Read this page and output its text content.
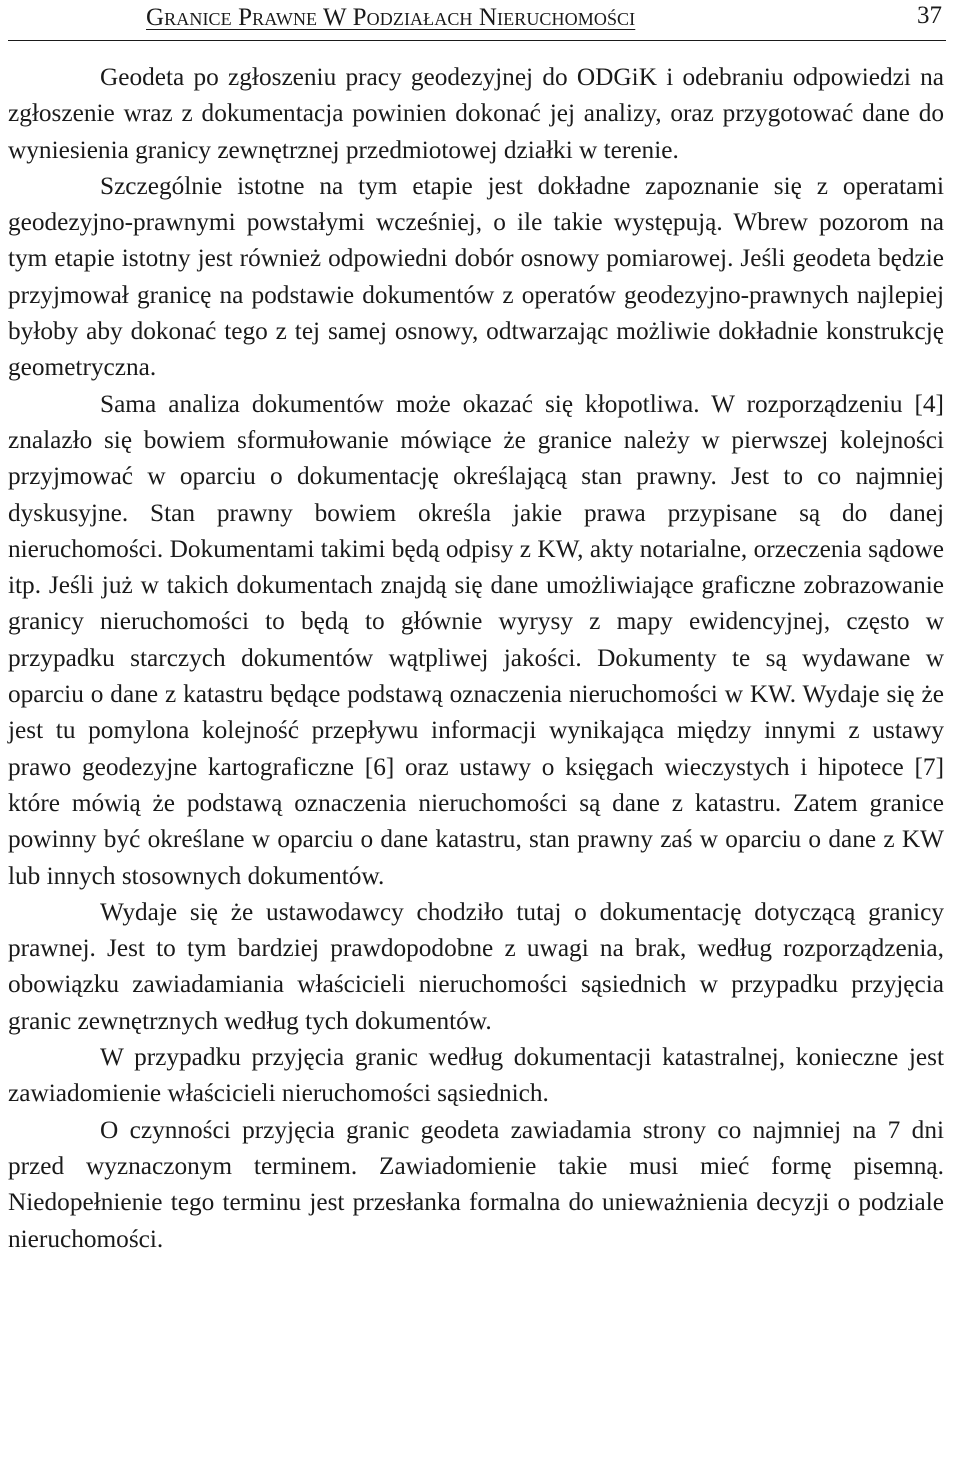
Granice Prawne W Podziałach Nieruchomości	37

Geodeta po zgłoszeniu pracy geodezyjnej do ODGiK i odebraniu odpowiedzi na zgłoszenie wraz z dokumentacja powinien dokonać jej analizy, oraz przygotować dane do wyniesienia granicy zewnętrznej przedmiotowej działki w terenie.

Szczególnie istotne na tym etapie jest dokładne zapoznanie się z operatami geodezyjno-prawnymi powstałymi wcześniej, o ile takie występują. Wbrew pozorom na tym etapie istotny jest również odpowiedni dobór osnowy pomiarowej. Jeśli geodeta będzie przyjmował granicę na podstawie dokumentów z operatów geodezyjno-prawnych najlepiej byłoby aby dokonać tego z tej samej osnowy, odtwarzając możliwie dokładnie konstrukcję geometryczna.

Sama analiza dokumentów może okazać się kłopotliwa. W rozporządzeniu [4] znalazło się bowiem sformułowanie mówiące że granice należy w pierwszej kolejności przyjmować w oparciu o dokumentację określającą stan prawny. Jest to co najmniej dyskusyjne. Stan prawny bowiem określa jakie prawa przypisane są do danej nieruchomości. Dokumentami takimi będą odpisy z KW, akty notarialne, orzeczenia sądowe itp. Jeśli już w takich dokumentach znajdą się dane umożliwiające graficzne zobrazowanie granicy nieruchomości to będą to głównie wyrysy z mapy ewidencyjnej, często w przypadku starczych dokumentów wątpliwej jakości. Dokumenty te są wydawane w oparciu o dane z katastru będące podstawą oznaczenia nieruchomości w KW. Wydaje się że jest tu pomylona kolejność przepływu informacji wynikająca między innymi z ustawy prawo geodezyjne kartograficzne [6] oraz ustawy o księgach wieczystych i hipotece [7] które mówią że podstawą oznaczenia nieruchomości są dane z katastru. Zatem granice powinny być określane w oparciu o dane katastru, stan prawny zaś w oparciu o dane z KW lub innych stosownych dokumentów.

Wydaje się że ustawodawcy chodziło tutaj o dokumentację dotyczącą granicy prawnej. Jest to tym bardziej prawdopodobne z uwagi na brak, według rozporządzenia, obowiązku zawiadamiania właścicieli nieruchomości sąsiednich w przypadku przyjęcia granic zewnętrznych według tych dokumentów.

W przypadku przyjęcia granic według dokumentacji katastralnej, konieczne jest zawiadomienie właścicieli nieruchomości sąsiednich.

O czynności przyjęcia granic geodeta zawiadamia strony co najmniej na 7 dni przed wyznaczonym terminem. Zawiadomienie takie musi mieć formę pisemną. Niedopełnienie tego terminu jest przesłanka formalna do unieważnienia decyzji o podziale nieruchomości.
